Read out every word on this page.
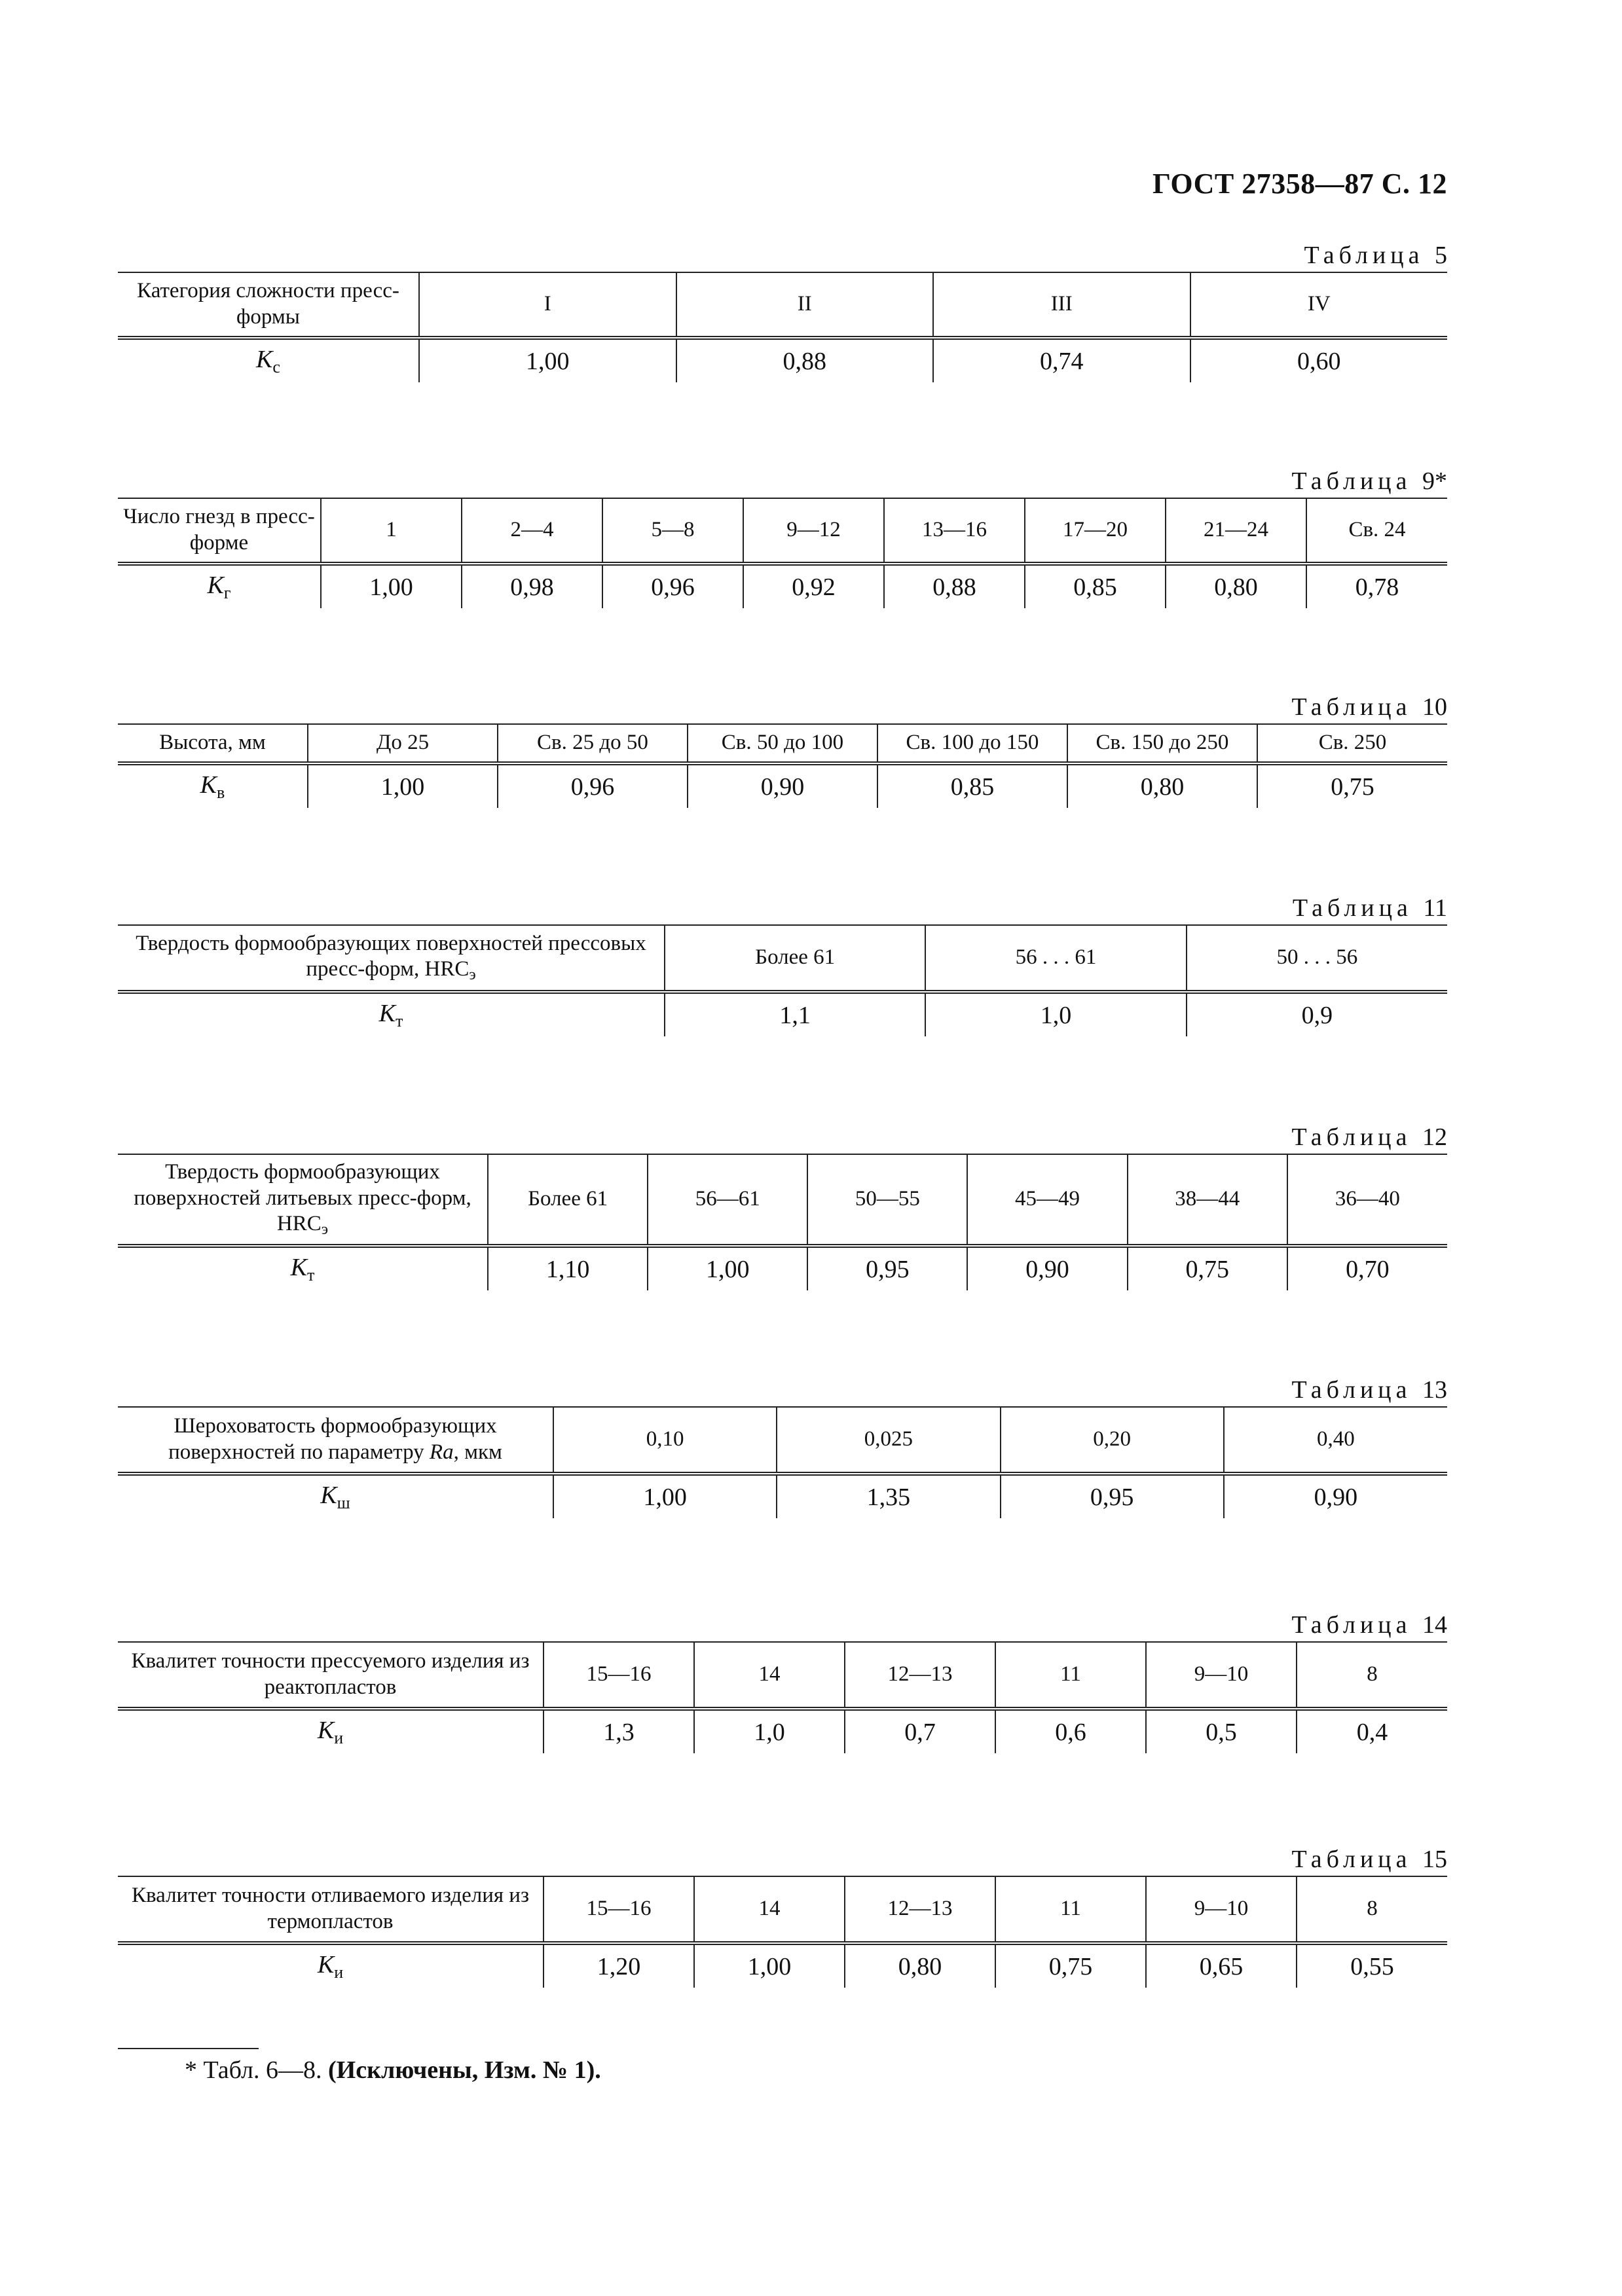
ГОСТ 27358—87 С. 12
Таблица 5
Категория сложности пресс-формы	I	II	III	IV
$K_с$	1,00	0,88	0,74	0,60
Таблица 9*
Число гнезд в пресс-форме	1	2—4	5—8	9—12	13—16	17—20	21—24	Св. 24
$K_г$	1,00	0,98	0,96	0,92	0,88	0,85	0,80	0,78
Таблица 10
Высота, мм	До 25	Св. 25 до 50	Св. 50 до 100	Св. 100 до 150	Св. 150 до 250	Св. 250
$K_в$	1,00	0,96	0,90	0,85	0,80	0,75
Таблица 11
Твердость формообразующих поверхностей прессовых пресс-форм, $HRC_э$	Более 61	56 . . . 61	50 . . . 56
$K_т$	1,1	1,0	0,9
Таблица 12
Твердость формообразующих поверхностей литьевых пресс-форм, $HRC_э$	Более 61	56—61	50—55	45—49	38—44	36—40
$K_т$	1,10	1,00	0,95	0,90	0,75	0,70
Таблица 13
Шероховатость формообразующих поверхностей по параметру Ra, мкм	0,10	0,025	0,20	0,40
$K_ш$	1,00	1,35	0,95	0,90
Таблица 14
Квалитет точности прессуемого изделия из реактопластов	15—16	14	12—13	11	9—10	8
$K_и$	1,3	1,0	0,7	0,6	0,5	0,4
Таблица 15
Квалитет точности отливаемого изделия из термопластов	15—16	14	12—13	11	9—10	8
$K_и$	1,20	1,00	0,80	0,75	0,65	0,55
* Табл. 6—8. (Исключены, Изм. № 1).
